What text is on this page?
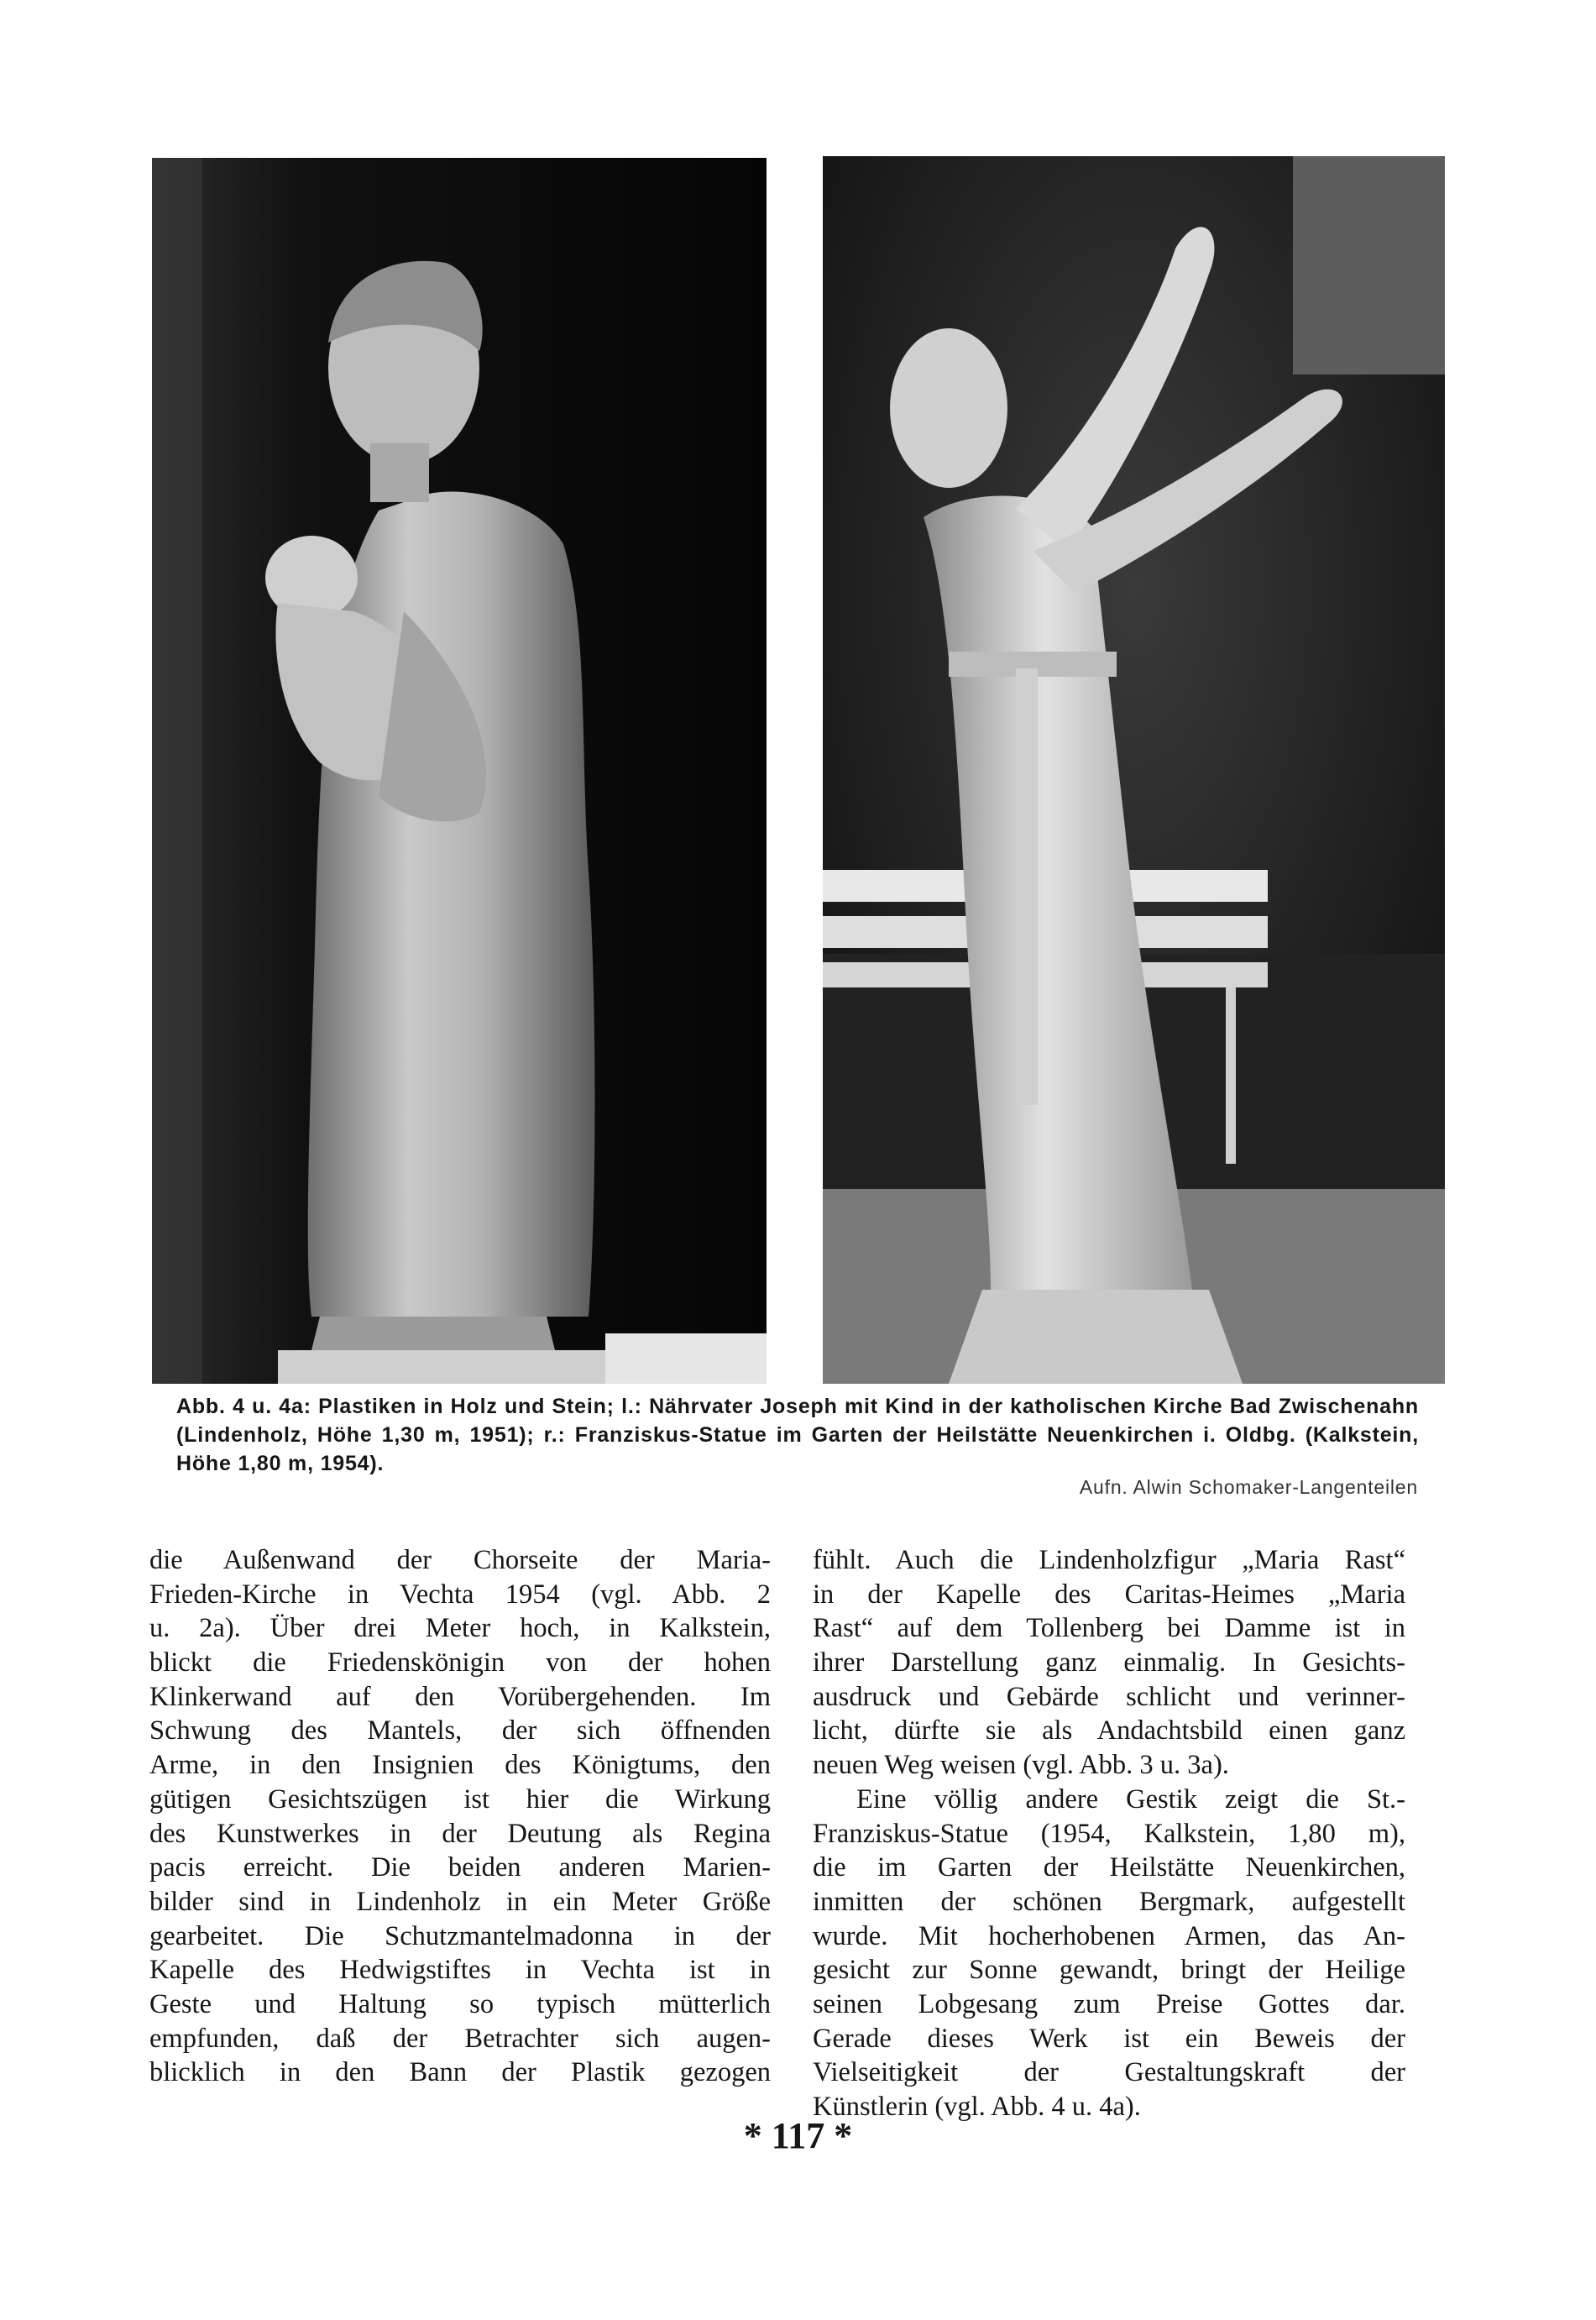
Abb. 4 u. 4a: Plastiken in Holz und Stein; l.: Nährvater Joseph mit Kind in der katholischen Kirche Bad Zwischenahn (Lindenholz, Höhe 1,30 m, 1951); r.: Franziskus-Statue im Garten der Heilstätte Neuenkirchen i. Oldbg. (Kalkstein, Höhe 1,80 m, 1954).
Aufn. Alwin Schomaker-Langenteilen
die Außenwand der Chorseite der Maria-
Frieden-Kirche in Vechta 1954 (vgl. Abb. 2
u. 2a). Über drei Meter hoch, in Kalkstein,
blickt die Friedenskönigin von der hohen
Klinkerwand auf den Vorübergehenden. Im
Schwung des Mantels, der sich öffnenden
Arme, in den Insignien des Königtums, den
gütigen Gesichtszügen ist hier die Wirkung
des Kunstwerkes in der Deutung als Regina
pacis erreicht. Die beiden anderen Marien-
bilder sind in Lindenholz in ein Meter Größe
gearbeitet. Die Schutzmantelmadonna in der
Kapelle des Hedwigstiftes in Vechta ist in
Geste und Haltung so typisch mütterlich
empfunden, daß der Betrachter sich augen-
blicklich in den Bann der Plastik gezogen
fühlt. Auch die Lindenholzfigur „Maria Rast“
in der Kapelle des Caritas-Heimes „Maria
Rast“ auf dem Tollenberg bei Damme ist in
ihrer Darstellung ganz einmalig. In Gesichts-
ausdruck und Gebärde schlicht und verinner-
licht, dürfte sie als Andachtsbild einen ganz
neuen Weg weisen (vgl. Abb. 3 u. 3a).
Eine völlig andere Gestik zeigt die St.-
Franziskus-Statue (1954, Kalkstein, 1,80 m),
die im Garten der Heilstätte Neuenkirchen,
inmitten der schönen Bergmark, aufgestellt
wurde. Mit hocherhobenen Armen, das An-
gesicht zur Sonne gewandt, bringt der Heilige
seinen Lobgesang zum Preise Gottes dar.
Gerade dieses Werk ist ein Beweis der
Vielseitigkeit der Gestaltungskraft der
Künstlerin (vgl. Abb. 4 u. 4a).
* 117 *
